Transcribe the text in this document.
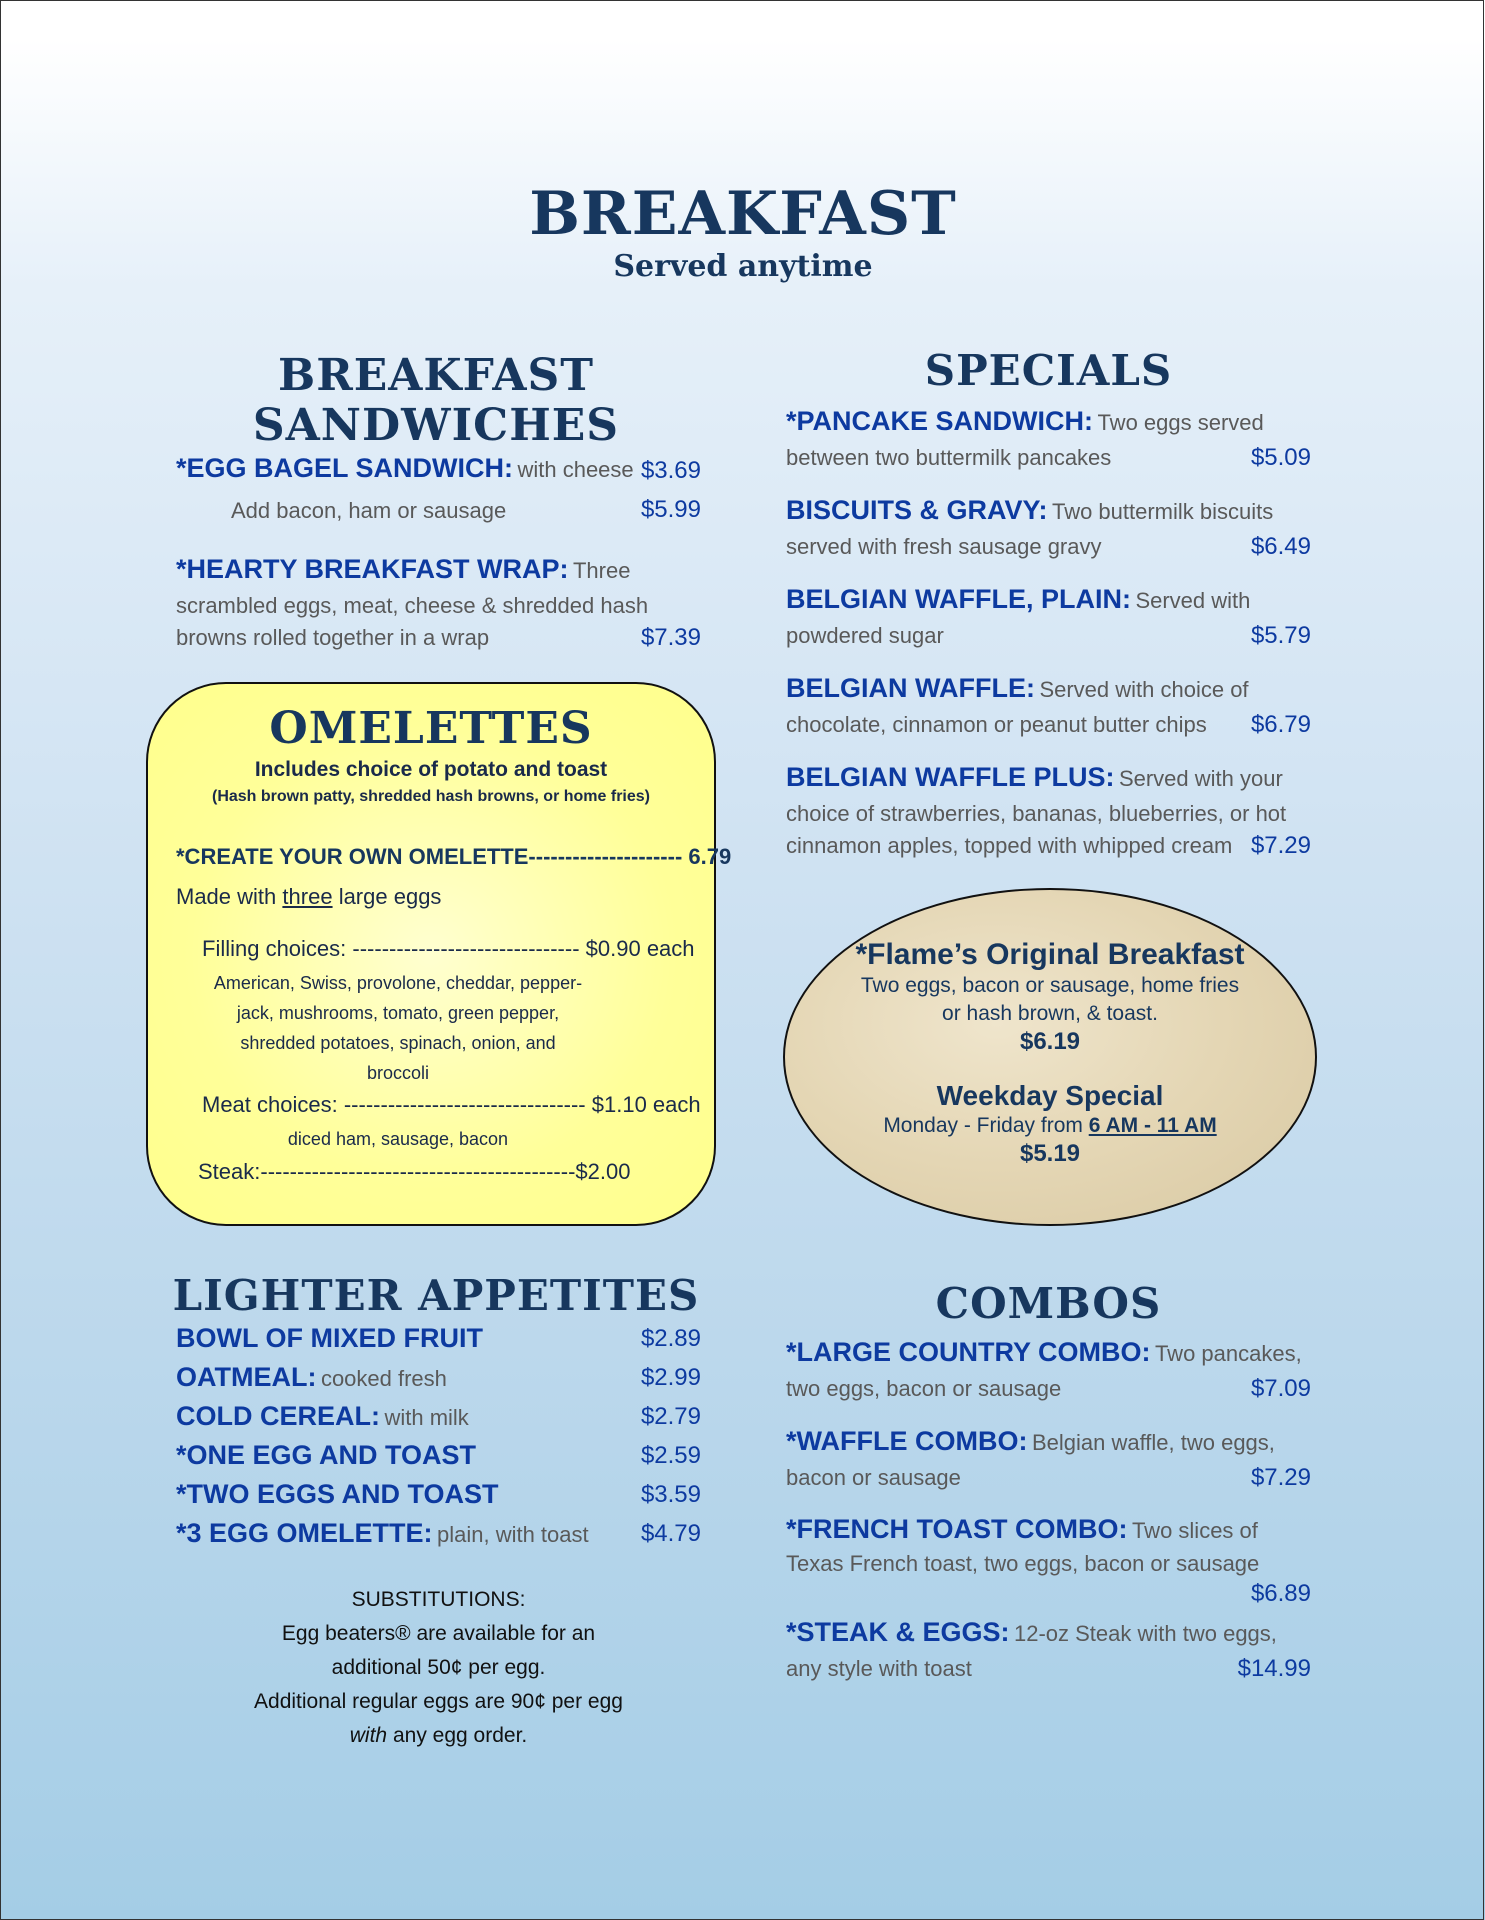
BREAKFAST
Served anytime
BREAKFAST
SANDWICHES
*EGG BAGEL SANDWICH: with cheese $3.69
Add bacon, ham or sausage	$5.99
*HEARTY BREAKFAST WRAP: Three
scrambled eggs, meat, cheese & shredded hash
browns rolled together in a wrap	$7.39
OMELETTES
Includes choice of potato and toast
(Hash brown patty, shredded hash browns, or home fries)
*CREATE YOUR OWN OMELETTE--------------------- 6.79
Made with three large eggs
Filling choices: ------------------------------- $0.90 each
American, Swiss, provolone, cheddar, pepper-
jack, mushrooms, tomato, green pepper,
shredded potatoes, spinach, onion, and
broccoli
Meat choices: --------------------------------- $1.10 each
diced ham, sausage, bacon
Steak:-------------------------------------------$2.00
LIGHTER APPETITES
BOWL OF MIXED FRUIT	$2.89
OATMEAL: cooked fresh	$2.99
COLD CEREAL: with milk	$2.79
*ONE EGG AND TOAST	$2.59
*TWO EGGS AND TOAST	$3.59
*3 EGG OMELETTE: plain, with toast $4.79
SUBSTITUTIONS:
Egg beaters® are available for an
additional 50¢ per egg.
Additional regular eggs are 90¢ per egg
with any egg order.
SPECIALS
*PANCAKE SANDWICH: Two eggs served
between two buttermilk pancakes	$5.09
BISCUITS & GRAVY: Two buttermilk biscuits
served with fresh sausage gravy	$6.49
BELGIAN WAFFLE, PLAIN: Served with
powdered sugar	$5.79
BELGIAN WAFFLE: Served with choice of
chocolate, cinnamon or peanut butter chips	$6.79
BELGIAN WAFFLE PLUS: Served with your
choice of strawberries, bananas, blueberries, or hot
cinnamon apples, topped with whipped cream $7.29
*Flame’s Original Breakfast
Two eggs, bacon or sausage, home fries
or hash brown, & toast.
$6.19
Weekday Special
Monday - Friday from 6 AM - 11 AM
$5.19
COMBOS
*LARGE COUNTRY COMBO: Two pancakes,
two eggs, bacon or sausage	$7.09
*WAFFLE COMBO: Belgian waffle, two eggs,
bacon or sausage	$7.29
*FRENCH TOAST COMBO: Two slices of
Texas French toast, two eggs, bacon or sausage
$6.89
*STEAK & EGGS: 12-oz Steak with two eggs,
any style with toast	$14.99
